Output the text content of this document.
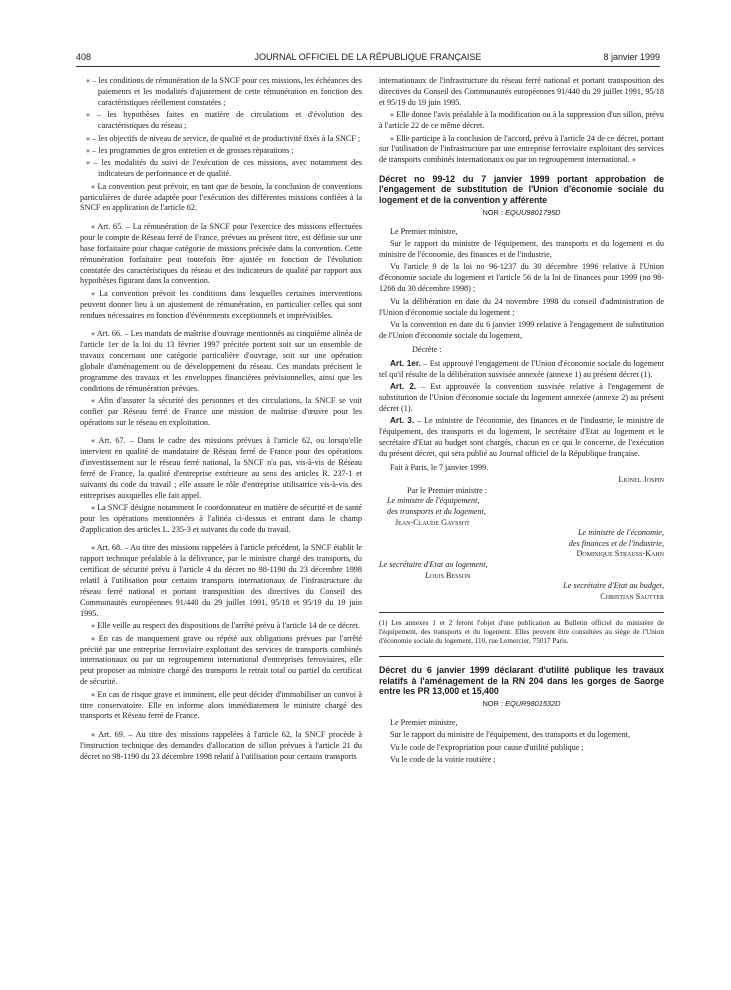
408	JOURNAL OFFICIEL DE LA RÉPUBLIQUE FRANÇAISE	8 janvier 1999

« – les conditions de rémunération de la SNCF pour ces missions, les échéances des paiements et les modalités d'ajustement de cette rémunération en fonction des caractéristiques réellement constatées ;

« – les hypothèses faites en matière de circulations et d'évolution des caractéristiques du réseau ;

« – les objectifs de niveau de service, de qualité et de productivité fixés à la SNCF ;

« – les programmes de gros entretien et de grosses réparations ;

« – les modalités du suivi de l'exécution de ces missions, avec notamment des indicateurs de performance et de qualité.

« La convention peut prévoir, en tant que de besoin, la conclusion de conventions particulières de durée adaptée pour l'exécution des différentes missions confiées à la SNCF en application de l'article 62.

« Art. 65. – La rémunération de la SNCF pour l'exercice des missions effectuées pour le compte de Réseau ferré de France, prévues au présent titre, est définie sur une base forfaitaire pour chaque catégorie de missions précisée dans la convention. Cette rémunération forfaitaire peut toutefois être ajustée en fonction de l'évolution constatée des caractéristiques du réseau et des indicateurs de qualité par rapport aux hypothèses figurant dans la convention.

« La convention prévoit les conditions dans lesquelles certaines interventions peuvent donner lieu à un ajustement de rémunération, en particulier celles qui sont rendues nécessaires en fonction d'événements exceptionnels et imprévisibles.

« Art. 66. – Les mandats de maîtrise d'ouvrage mentionnés au cinquième alinéa de l'article 1er de la loi du 13 février 1997 précitée portent soit sur un ensemble de travaux concernant une catégorie particulière d'ouvrage, soit sur une opération globale d'aménagement ou de développement du réseau. Ces mandats précisent le programme des travaux et les enveloppes financières prévisionnelles, ainsi que les conditions de rémunération prévues.

« Afin d'assurer la sécurité des personnes et des circulations, la SNCF se voit confier par Réseau ferré de France une mission de maîtrise d'œuvre pour les opérations sur le réseau en exploitation.

« Art. 67. – Dans le cadre des missions prévues à l'article 62, ou lorsqu'elle intervient en qualité de mandataire de Réseau ferré de France pour des opérations d'investissement sur le réseau ferré national, la SNCF n'a pas, vis-à-vis de Réseau ferré de France, la qualité d'entreprise extérieure au sens des articles R. 237-1 et suivants du code du travail ; elle assure le rôle d'entreprise utilisatrice vis-à-vis des entreprises auxquelles elle fait appel.

« La SNCF désigne notamment le coordonnateur en matière de sécurité et de santé pour les opérations mentionnées à l'alinéa ci-dessus et entrant dans le champ d'application des articles L. 235-3 et suivants du code du travail.

« Art. 68. – Au titre des missions rappelées à l'article précédent, la SNCF établit le rapport technique préalable à la délivrance, par le ministre chargé des transports, du certificat de sécurité prévu à l'article 4 du décret no 98-1190 du 23 décembre 1998 relatif à l'utilisation pour certains transports internationaux de l'infrastructure du réseau ferré national et portant transposition des directives du Conseil des Communautés européennes 91/440 du 29 juillet 1991, 95/18 et 95/19 du 19 juin 1995.

« Elle veille au respect des dispositions de l'arrêté prévu à l'article 14 de ce décret.

« En cas de manquement grave ou répété aux obligations prévues par l'arrêté précité par une entreprise ferroviaire exploitant des services de transports combinés internationaux ou par un regroupement international d'entreprises ferroviaires, elle peut proposer au ministre chargé des transports le retrait total ou partiel du certificat de sécurité.

« En cas de risque grave et imminent, elle peut décider d'immobiliser un convoi à titre conservatoire. Elle en informe alors immédiatement le ministre chargé des transports et Réseau ferré de France.

« Art. 69. – Au titre des missions rappelées à l'article 62, la SNCF procède à l'instruction technique des demandes d'allocation de sillon prévues à l'article 21 du décret no 98-1190 du 23 décembre 1998 relatif à l'utilisation pour certains transports

internationaux de l'infrastructure du réseau ferré national et portant transposition des directives du Conseil des Communautés européennes 91/440 du 29 juillet 1991, 95/18 et 95/19 du 19 juin 1995.

« Elle donne l'avis préalable à la modification ou à la suppression d'un sillon, prévu à l'article 22 de ce même décret.

« Elle participe à la conclusion de l'accord, prévu à l'article 24 de ce décret, portant sur l'utilisation de l'infrastructure par une entreprise ferroviaire exploitant des services de transports combinés internationaux ou par un regroupement international. »

Décret no 99-12 du 7 janvier 1999 portant approbation de l'engagement de substitution de l'Union d'économie sociale du logement et de la convention y afférente
NOR : EQUU9801795D

Le Premier ministre,

Sur le rapport du ministre de l'équipement, des transports et du logement et du ministre de l'économie, des finances et de l'industrie,

Vu l'article 9 de la loi no 96-1237 du 30 décembre 1996 relative à l'Union d'économie sociale du logement et l'article 56 de la loi de finances pour 1999 (no 98-1266 du 30 décembre 1998) ;

Vu la délibération en date du 24 novembre 1998 du conseil d'administration de l'Union d'économie sociale du logement ;

Vu la convention en date du 6 janvier 1999 relative à l'engagement de substitution de l'Union d'économie sociale du logement,

Décrète :

Art. 1er. – Est approuvé l'engagement de l'Union d'économie sociale du logement tel qu'il résulte de la délibération susvisée annexée (annexe 1) au présent décret (1).

Art. 2. – Est approuvée la convention susvisée relative à l'engagement de substitution de l'Union d'économie sociale du logement annexée (annexe 2) au présent décret (1).

Art. 3. – Le ministre de l'économie, des finances et de l'industrie, le ministre de l'équipement, des transports et du logement, le secrétaire d'Etat au logement et le secrétaire d'Etat au budget sont chargés, chacun en ce qui le concerne, de l'exécution du présent décret, qui sera publié au Journal officiel de la République française.

Fait à Paris, le 7 janvier 1999.

Lionel Jospin
Par le Premier ministre :
Le ministre de l'équipement,
des transports et du logement,
Jean-Claude Gayssot
Le ministre de l'économie,
des finances et de l'industrie,
Dominique Strauss-Kahn
Le secrétaire d'Etat au logement,
Louis Besson
Le secrétaire d'Etat au budget,
Christian Sautter
(1) Les annexes 1 et 2 feront l'objet d'une publication au Bulletin officiel du ministère de l'équipement, des transports et du logement. Elles peuvent être consultées au siège de l'Union d'économie sociale du logement, 110, rue Lemercier, 75017 Paris.
Décret du 6 janvier 1999 déclarant d'utilité publique les travaux relatifs à l'aménagement de la RN 204 dans les gorges de Saorge entre les PR 13,000 et 15,400
NOR : EQUR9801532D

Le Premier ministre,

Sur le rapport du ministre de l'équipement, des transports et du logement,

Vu le code de l'expropriation pour cause d'utilité publique ;

Vu le code de la voirie routière ;
